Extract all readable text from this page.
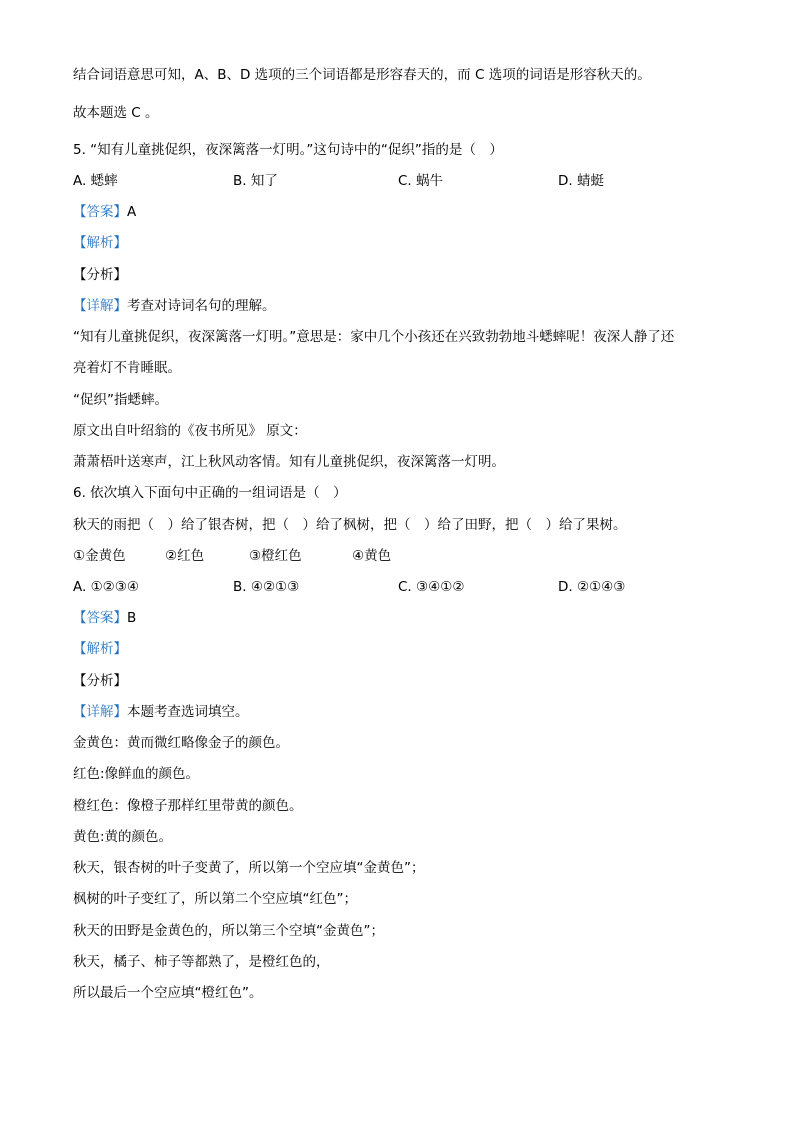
结合词语意思可知，A、B、D 选项的三个词语都是形容春天的，而 C 选项的词语是形容秋天的。
故本题选 C 。
5. “知有儿童挑促织，夜深篱落一灯明。”这句诗中的“促织”指的是（　）
A. 蟋蟀	B. 知了	C. 蜗牛	D. 蜻蜓
【答案】A
【解析】
【分析】
【详解】考查对诗词名句的理解。
“知有儿童挑促织，夜深篱落一灯明。”意思是：家中几个小孩还在兴致勃勃地斗蟋蟀呢！夜深人静了还
亮着灯不肯睡眠。
“促织”指蟋蟀。
原文出自叶绍翁的《夜书所见》 原文：
萧萧梧叶送寒声，江上秋风动客情。知有儿童挑促织，夜深篱落一灯明。
6. 依次填入下面句中正确的一组词语是（　）
秋天的雨把（　）给了银杏树，把（　）给了枫树，把（　）给了田野，把（　）给了果树。
①金黄色	②红色	③橙红色	④黄色
A. ①②③④	B. ④②①③	C. ③④①②	D. ②①④③
【答案】B
【解析】
【分析】
【详解】本题考查选词填空。
金黄色：黄而微红略像金子的颜色。
红色:像鲜血的颜色。
橙红色：像橙子那样红里带黄的颜色。
黄色:黄的颜色。
秋天，银杏树的叶子变黄了，所以第一个空应填“金黄色”；
枫树的叶子变红了，所以第二个空应填“红色”；
秋天的田野是金黄色的，所以第三个空填“金黄色”；
秋天，橘子、柿子等都熟了，是橙红色的，
所以最后一个空应填“橙红色”。
